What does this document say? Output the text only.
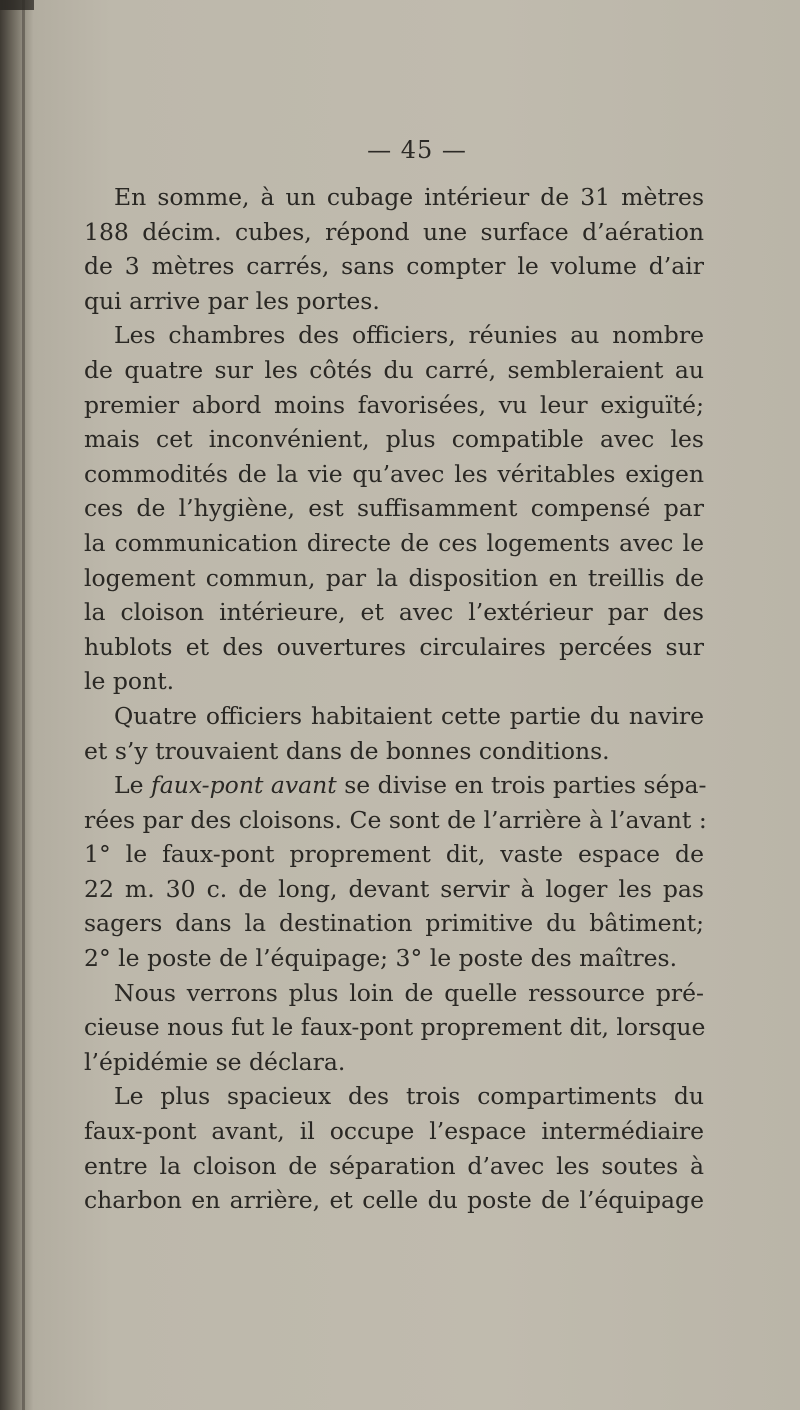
— 45 —
En somme, à un cubage intérieur de 31 mètres
188 décim. cubes, répond une surface d’aération
de 3 mètres carrés, sans compter le volume d’air
qui arrive par les portes.
Les chambres des officiers, réunies au nombre
de quatre sur les côtés du carré, sembleraient au
premier abord moins favorisées, vu leur exiguïté;
mais cet inconvénient, plus compatible avec les
commodités de la vie qu’avec les véritables exigen
ces de l’hygiène, est suffisamment compensé par
la communication directe de ces logements avec le
logement commun, par la disposition en treillis de
la cloison intérieure, et avec l’extérieur par des
hublots et des ouvertures circulaires percées sur
le pont.
Quatre officiers habitaient cette partie du navire
et s’y trouvaient dans de bonnes conditions.
Le faux-pont avant se divise en trois parties sépa-
rées par des cloisons. Ce sont de l’arrière à l’avant :
1° le faux-pont proprement dit, vaste espace de
22 m. 30 c. de long, devant servir à loger les pas
sagers dans la destination primitive du bâtiment;
2° le poste de l’équipage; 3° le poste des maîtres.
Nous verrons plus loin de quelle ressource pré-
cieuse nous fut le faux-pont proprement dit, lorsque
l’épidémie se déclara.
Le plus spacieux des trois compartiments du
faux-pont avant, il occupe l’espace intermédiaire
entre la cloison de séparation d’avec les soutes à
charbon en arrière, et celle du poste de l’équipage
